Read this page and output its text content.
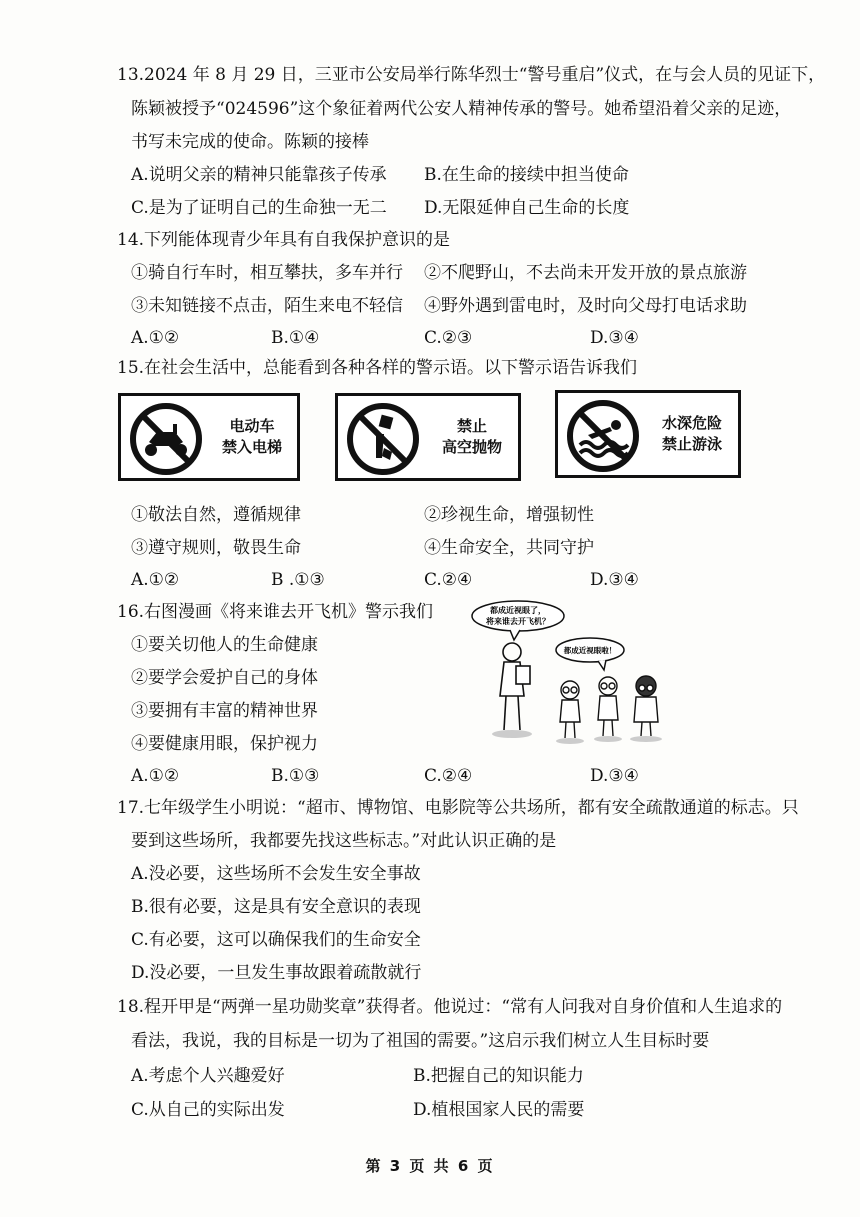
13.2024 年 8 月 29 日，三亚市公安局举行陈华烈士“警号重启”仪式，在与会人员的见证下，
陈颖被授予“024596”这个象征着两代公安人精神传承的警号。她希望沿着父亲的足迹，
书写未完成的使命。陈颖的接棒
A.说明父亲的精神只能靠孩子传承 B.在生命的接续中担当使命
C.是为了证明自己的生命独一无二 D.无限延伸自己生命的长度
14.下列能体现青少年具有自我保护意识的是
①骑自行车时，相互攀扶，多车并行 ②不爬野山，不去尚未开发开放的景点旅游
③未知链接不点击，陌生来电不轻信 ④野外遇到雷电时，及时向父母打电话求助
A.①②	B.①④	C.②③	D.③④
15.在社会生活中，总能看到各种各样的警示语。以下警示语告诉我们
电动车
禁入电梯
禁止
高空抛物
水深危险
禁止游泳
①敬法自然，遵循规律	②珍视生命，增强韧性
③遵守规则，敬畏生命	④生命安全，共同守护
A.①②	B .①③	C.②④	D.③④
16.右图漫画《将来谁去开飞机》警示我们
①要关切他人的生命健康
②要学会爱护自己的身体
③要拥有丰富的精神世界
④要健康用眼，保护视力
A.①②	B.①③	C.②④	D.③④
都成近视眼了，
将来谁去开飞机？
都成近视眼啦！
17.七年级学生小明说：“超市、博物馆、电影院等公共场所，都有安全疏散通道的标志。只
要到这些场所，我都要先找这些标志。”对此认识正确的是
A.没必要，这些场所不会发生安全事故
B.很有必要，这是具有安全意识的表现
C.有必要，这可以确保我们的生命安全
D.没必要，一旦发生事故跟着疏散就行
18.程开甲是“两弹一星功勋奖章”获得者。他说过：“常有人问我对自身价值和人生追求的
看法，我说，我的目标是一切为了祖国的需要。”这启示我们树立人生目标时要
A.考虑个人兴趣爱好	B.把握自己的知识能力
C.从自己的实际出发	D.植根国家人民的需要
第 3 页 共 6 页
